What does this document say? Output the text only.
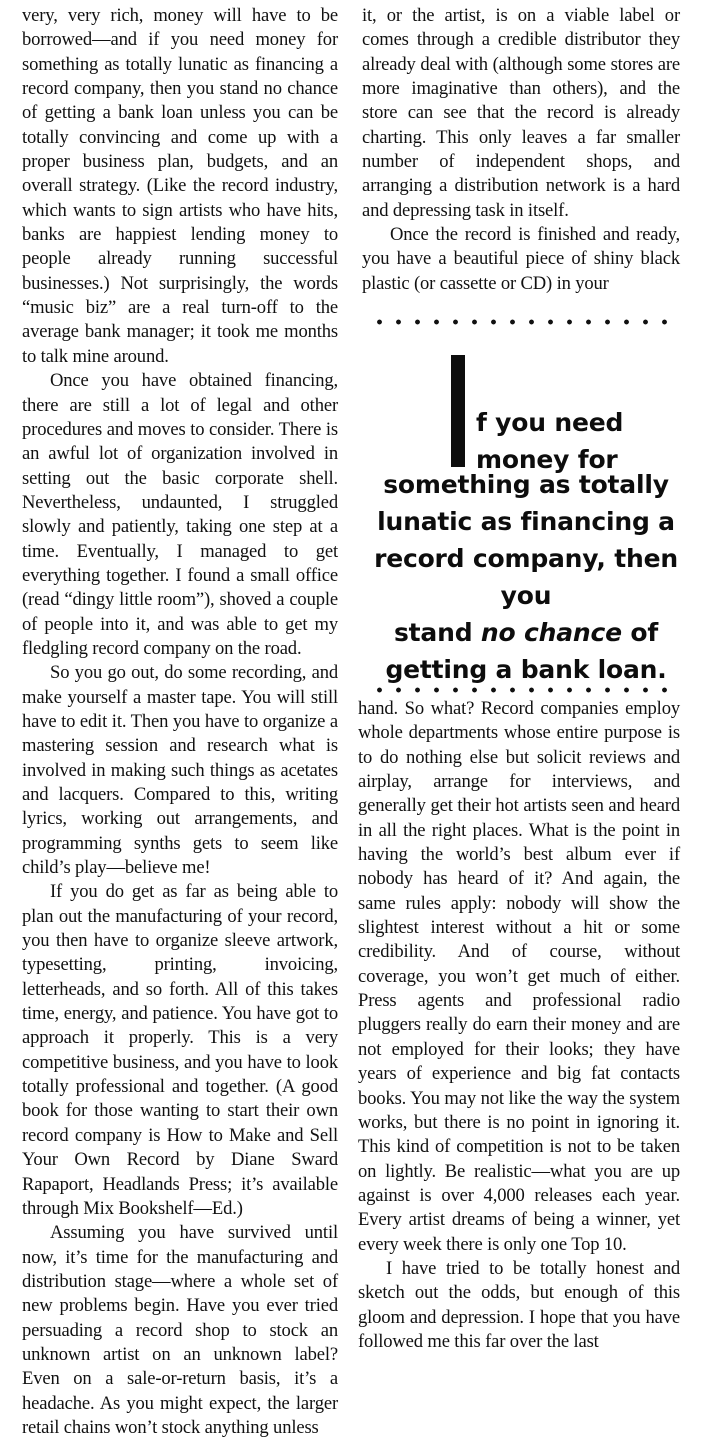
very, very rich, money will have to be borrowed—and if you need money for something as totally lunatic as financing a record company, then you stand no chance of getting a bank loan unless you can be totally convincing and come up with a proper business plan, budgets, and an overall strategy. (Like the record industry, which wants to sign artists who have hits, banks are happiest lending money to people already running successful businesses.) Not surprisingly, the words “music biz” are a real turn-off to the average bank manager; it took me months to talk mine around.

Once you have obtained financing, there are still a lot of legal and other procedures and moves to consider. There is an awful lot of organization involved in setting out the basic corporate shell. Nevertheless, undaunted, I struggled slowly and patiently, taking one step at a time. Eventually, I managed to get everything together. I found a small office (read “dingy little room”), shoved a couple of people into it, and was able to get my fledgling record company on the road.

So you go out, do some recording, and make yourself a master tape. You will still have to edit it. Then you have to organize a mastering session and research what is involved in making such things as acetates and lacquers. Compared to this, writing lyrics, working out arrangements, and programming synths gets to seem like child’s play—believe me!

If you do get as far as being able to plan out the manufacturing of your record, you then have to organize sleeve artwork, typesetting, printing, invoicing, letterheads, and so forth. All of this takes time, energy, and patience. You have got to approach it properly. This is a very competitive business, and you have to look totally professional and together. (A good book for those wanting to start their own record company is How to Make and Sell Your Own Record by Diane Sward Rapaport, Headlands Press; it’s available through Mix Bookshelf—Ed.)

Assuming you have survived until now, it’s time for the manufacturing and distribution stage—where a whole set of new problems begin. Have you ever tried persuading a record shop to stock an unknown artist on an unknown label? Even on a sale-or-return basis, it’s a headache. As you might expect, the larger retail chains won’t stock anything unless

it, or the artist, is on a viable label or comes through a credible distributor they already deal with (although some stores are more imaginative than others), and the store can see that the record is already charting. This only leaves a far smaller number of independent shops, and arranging a distribution network is a hard and depressing task in itself.

Once the record is finished and ready, you have a beautiful piece of shiny black plastic (or cassette or CD) in your

f you need
money for
something as totally
lunatic as financing a
record company, then you
stand no chance of
getting a bank loan.

hand. So what? Record companies employ whole departments whose entire purpose is to do nothing else but solicit reviews and airplay, arrange for interviews, and generally get their hot artists seen and heard in all the right places. What is the point in having the world’s best album ever if nobody has heard of it? And again, the same rules apply: nobody will show the slightest interest without a hit or some credibility. And of course, without coverage, you won’t get much of either. Press agents and professional radio pluggers really do earn their money and are not employed for their looks; they have years of experience and big fat contacts books. You may not like the way the system works, but there is no point in ignoring it. This kind of competition is not to be taken on lightly. Be realistic—what you are up against is over 4,000 releases each year. Every artist dreams of being a winner, yet every week there is only one Top 10.

I have tried to be totally honest and sketch out the odds, but enough of this gloom and depression. I hope that you have followed me this far over the last
